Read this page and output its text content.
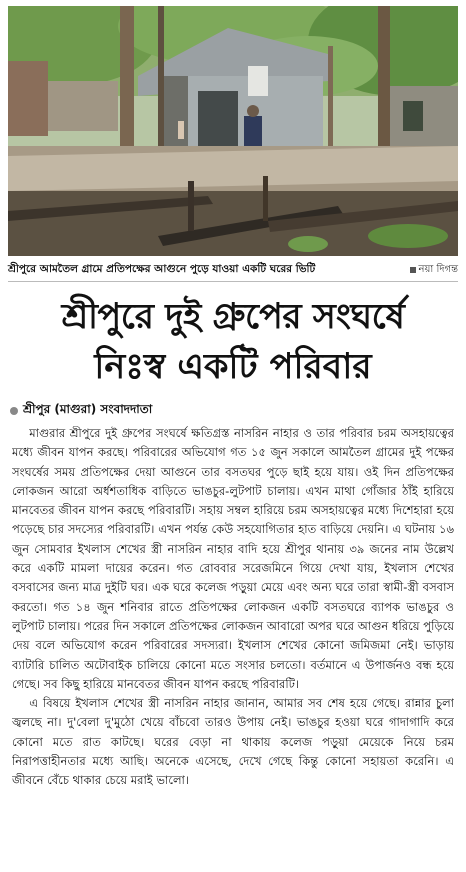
শ্রীপুরে আমতৈল গ্রামে প্রতিপক্ষের আগুনে পুড়ে যাওয়া একটি ঘরের ভিটি	নয়া দিগন্ত
শ্রীপুরে দুই গ্রুপের সংঘর্ষে
নিঃস্ব একটি পরিবার
শ্রীপুর (মাগুরা) সংবাদদাতা

মাগুরার শ্রীপুরে দুই গ্রুপের সংঘর্ষে ক্ষতিগ্রস্ত নাসরিন নাহার ও তার পরিবার চরম অসহায়ত্বের মধ্যে জীবন যাপন করছে। পরিবারের অভিযোগ গত ১৫ জুন সকালে আমতৈল গ্রামের দুই পক্ষের সংঘর্ষের সময় প্রতিপক্ষের দেয়া আগুনে তার বসতঘর পুড়ে ছাই হয়ে যায়। ওই দিন প্রতিপক্ষের লোকজন আরো অর্ধশতাধিক বাড়িতে ভাঙচুর-লুটপাট চালায়। এখন মাথা গোঁজার ঠাঁই হারিয়ে মানবেতর জীবন যাপন করছে পরিবারটি। সহায় সম্বল হারিয়ে চরম অসহায়ত্বের মধ্যে দিশেহারা হয়ে পড়েছে চার সদস্যের পরিবারটি। এখন পর্যন্ত কেউ সহযোগিতার হাত বাড়িয়ে দেয়নি। এ ঘটনায় ১৬ জুন সোমবার ইখলাস শেখের স্ত্রী নাসরিন নাহার বাদি হয়ে শ্রীপুর থানায় ৩৯ জনের নাম উল্লেখ করে একটি মামলা দায়ের করেন। গত রোববার সরেজমিনে গিয়ে দেখা যায়, ইখলাস শেখের বসবাসের জন্য মাত্র দুইটি ঘর। এক ঘরে কলেজ পড়ুয়া মেয়ে এবং অন্য ঘরে তারা স্বামী-স্ত্রী বসবাস করতো। গত ১৪ জুন শনিবার রাতে প্রতিপক্ষের লোকজন একটি বসতঘরে ব্যাপক ভাঙচুর ও লুটপাট চালায়। পরের দিন সকালে প্রতিপক্ষের লোকজন আবারো অপর ঘরে আগুন ধরিয়ে পুড়িয়ে দেয় বলে অভিযোগ করেন পরিবারের সদস্যরা। ইখলাস শেখের কোনো জমিজমা নেই। ভাড়ায় ব্যাটারি চালিত অটোবাইক চালিয়ে কোনো মতে সংসার চলতো। বর্তমানে এ উপার্জনও বন্ধ হয়ে গেছে। সব কিছু হারিয়ে মানবেতর জীবন যাপন করছে পরিবারটি।

এ বিষয়ে ইখলাস শেখের স্ত্রী নাসরিন নাহার জানান, আমার সব শেষ হয়ে গেছে। রান্নার চুলা জ্বলছে না। দু'বেলা দু'মুঠো খেয়ে বাঁচবো তারও উপায় নেই। ভাঙচুর হওয়া ঘরে গাদাগাদি করে কোনো মতে রাত কাটছে। ঘরের বেড়া না থাকায় কলেজ পড়ুয়া মেয়েকে নিয়ে চরম নিরাপত্তাহীনতার মধ্যে আছি। অনেকে এসেছে, দেখে গেছে কিন্তু কোনো সহায়তা করেনি। এ জীবনে বেঁচে থাকার চেয়ে মরাই ভালো।
